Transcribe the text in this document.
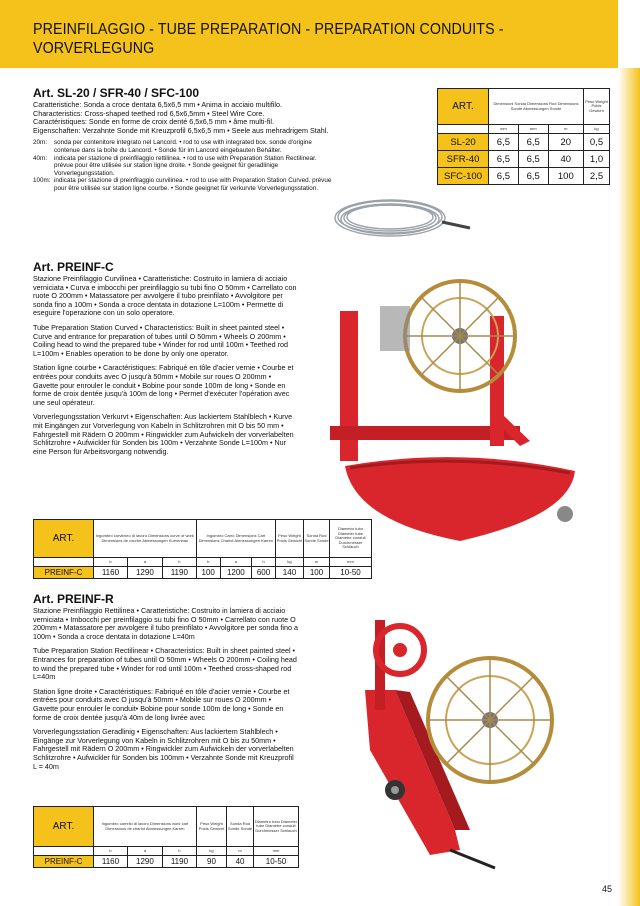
PREINFILAGGIO - TUBE PREPARATION - PREPARATION CONDUITS -
VORVERLEGUNG
Art. SL-20 / SFR-40 / SFC-100
Caratteristiche: Sonda a croce dentata 6,5x6,5 mm • Anima in acciaio multifilo.
Characteristics: Cross-shaped teethed rod 6,5x6,5mm • Steel Wire Core.
Caractéristiques: Sonde en forme de croix denté 6,5x6,5 mm • âme multi-fil.
Eigenschaften: Verzahnte Sonde mit Kreuzprofil 6,5x6,5 mm • Seele aus mehradrigem Stahl.
20m:	sonda per contenitore integrato nel Lancord. • rod to use with integrated box. sonde d'origine contenue dans la boîte du Lancord. • Sonde für im Lancord eingebauten Behälter.
40m:	indicata per stazione di preinfilaggio rettilinea. • rod to use with Preparation Station Rectilinear. prévue pour être utilisée sur station ligne droite. • Sonde geeignet für geradlinige Vorverlegungsstation.
100m: indicata per stazione di preinfilaggio curvilinea. • rod to use with Preparation Station Curved. prévue pour être utilisée sur station ligne courbe. • Sonde geeignet für verkurvte Vorverlegungsstation.
ART.	Dimensioni Sonda Dimensions Rod Dimensions Sonde Abmessungen Sonde			Peso Weight Poids Gewicht
	mm	mm	m	kg
SL-20	6,5	6,5	20	0,5
SFR-40	6,5	6,5	40	1,0
SFC-100	6,5	6,5	100	2,5
Art. PREINF-C

Stazione Preinfilaggio Curvilinea • Caratteristiche: Costruito in lamiera di acciaio verniciata • Curva e imbocchi per preinfilaggio su tubi fino O 50mm • Carrellato con ruote O 200mm • Matassatore per avvolgere il tubo preinfilato • Avvolgitore per sonda fino a 100m • Sonda a croce dentata in dotazione L=100m • Permette di eseguire l'operazione con un solo operatore.

Tube Preparation Station Curved • Characteristics: Built in sheet painted steel • Curve and entrance for preparation of tubes until O 50mm • Wheels O 200mm • Coiling head to wind the prepared tube • Winder for rod until 100m • Teethed rod L=100m • Enables operation to be done by only one operator.

Station ligne courbe • Caractéristiques: Fabriqué en tôle d'acier vernie • Courbe et entrées pour conduits avec O jusqu'à 50mm • Mobile sur roues O 200mm • Gavette pour enrouler le conduit • Bobine pour sonde 100m de long • Sonde en forme de croix dentée jusqu'à 100m de long • Permet d'exécuter l'opération avec une seul opérateur.

Vorverlegungsstation Verkurvt • Eigenschaften: Aus lackiertem Stahlblech • Kurve mit Eingängen zur Vorverlegung von Kabeln in Schlitzrohren mit O bis 50 mm • Fahrgestell mit Rädern O 200mm • Ringwickler zum Aufwickeln der vorverlabelten Schlitzrohre • Aufwickler für Sonden bis 100m • Verzahnte Sonde L=100m • Nur eine Person für Arbeitsvorgang notwendig.

ART.	Ingombro curvilineo di lavoro Dimensions curve of work Dimensions de courbe Abmessungen Kurvenbau			Ingombro Carro Dimensions Cart Dimensions Chariot Abmessungen Karren			Peso Weight Poids Gewicht	Sonda Rod Sonde Sonde	Diametro tubo Diameter tube Diamètre conduit Durchmesser Schlauch
	b	a	h	b	a	h	kg	m	mm
PREINF-C	1160	1290	1190	100	1200	600	140	100	10-50
Art. PREINF-R

Stazione Preinfilaggio Rettilinea • Caratteristiche: Costruito in lamiera di acciaio verniciata • Imbocchi per preinfilaggio su tubi fino O 50mm • Carrellato con ruote O 200mm • Matassatore per avvolgere il tubo preinfilato • Avvolgitore per sonda fino a 100m • Sonda a croce dentata in dotazione L=40m

Tube Preparation Station Rectilinear • Characteristics: Built in sheet painted steel • Entrances for preparation of tubes until O 50mm • Wheels O 200mm • Coiling head to wind the prepared tube • Winder for rod until 100m • Teethed cross-shaped rod L=40m

Station ligne droite • Caractéristiques: Fabriqué en tôle d'acier vernie • Courbe et entrées pour conduits avec O jusqu'à 50mm • Mobile sur roues O 200mm • Gavette pour enrouler le conduit• Bobine pour sonde 100m de long • Sonde en forme de croix dentée jusqu'à 40m de long livrée avec

Vorverlegungsstation Geradlinig • Eigenschaften: Aus lackiertem Stahlblech • Eingänge zur Vorverlegung von Kabeln in Schlitzrohren mit O bis zu 50mm • Fahrgestell mit Rädern O 200mm • Ringwickler zum Aufwickeln der vorverlabelten Schlitzrohre • Aufwickler für Sonden bis 100mm • Verzahnte Sonde mit Kreuzprofil L = 40m

ART.	Ingombro carrello di lavoro Dimensions work cart Dimensions de chariot Abmessungen Karren			Peso Weight Poids Gewicht	Sonda Rod Sonde Sonde	Diametro tubo Diameter tube Diamètre conduit Durchmesser Schlauch
	b	a	h	kg	m	mm
PREINF-C	1160	1290	1190	90	40	10-50
45
